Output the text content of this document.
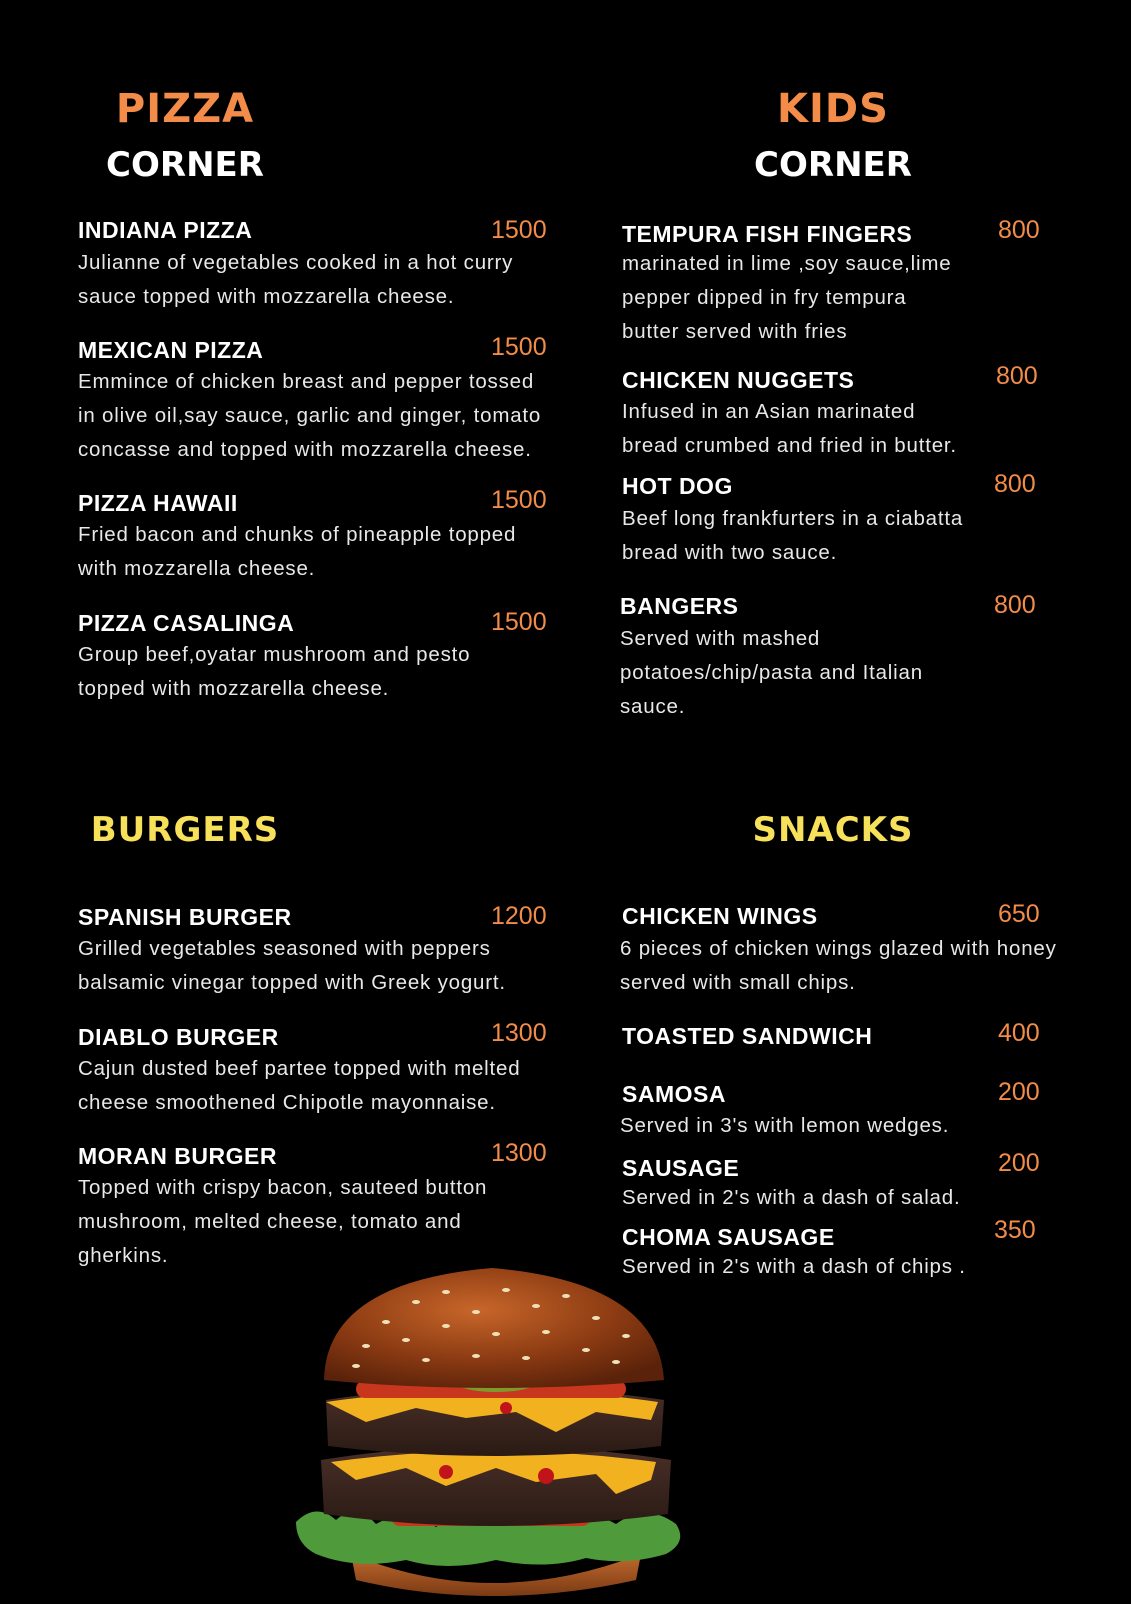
PIZZA
CORNER
INDIANA PIZZA	1500
Julianne of vegetables cooked in a hot curry
sauce topped with mozzarella cheese.
MEXICAN PIZZA	1500
Emmince of chicken breast and pepper tossed
in olive oil,say sauce, garlic and ginger, tomato
concasse and topped with mozzarella cheese.
PIZZA HAWAII	1500
Fried bacon and chunks of pineapple topped
with mozzarella cheese.
PIZZA CASALINGA	1500
Group beef,oyatar mushroom and pesto
topped with mozzarella cheese.
KIDS
CORNER
TEMPURA FISH FINGERS	800
marinated in lime ,soy sauce,lime
pepper dipped in fry tempura
butter served with fries
CHICKEN NUGGETS	800
Infused in an Asian marinated
bread crumbed and fried in butter.
HOT DOG	800
Beef long frankfurters in a ciabatta
bread with two sauce.
BANGERS	800
Served with mashed
potatoes/chip/pasta and Italian
sauce.
BURGERS
SPANISH BURGER	1200
Grilled vegetables seasoned with peppers
balsamic vinegar topped with Greek yogurt.
DIABLO BURGER	1300
Cajun dusted beef partee topped with melted
cheese smoothened Chipotle mayonnaise.
MORAN BURGER	1300
Topped with crispy bacon, sauteed button
mushroom, melted cheese, tomato and
gherkins.
SNACKS
CHICKEN WINGS	650
6 pieces of chicken wings glazed with honey
served with small chips.
TOASTED SANDWICH	400
SAMOSA	200
Served in 3's with lemon wedges.
SAUSAGE	200
Served in 2's with a dash of salad.
CHOMA SAUSAGE	350
Served in 2's with a dash of chips .
